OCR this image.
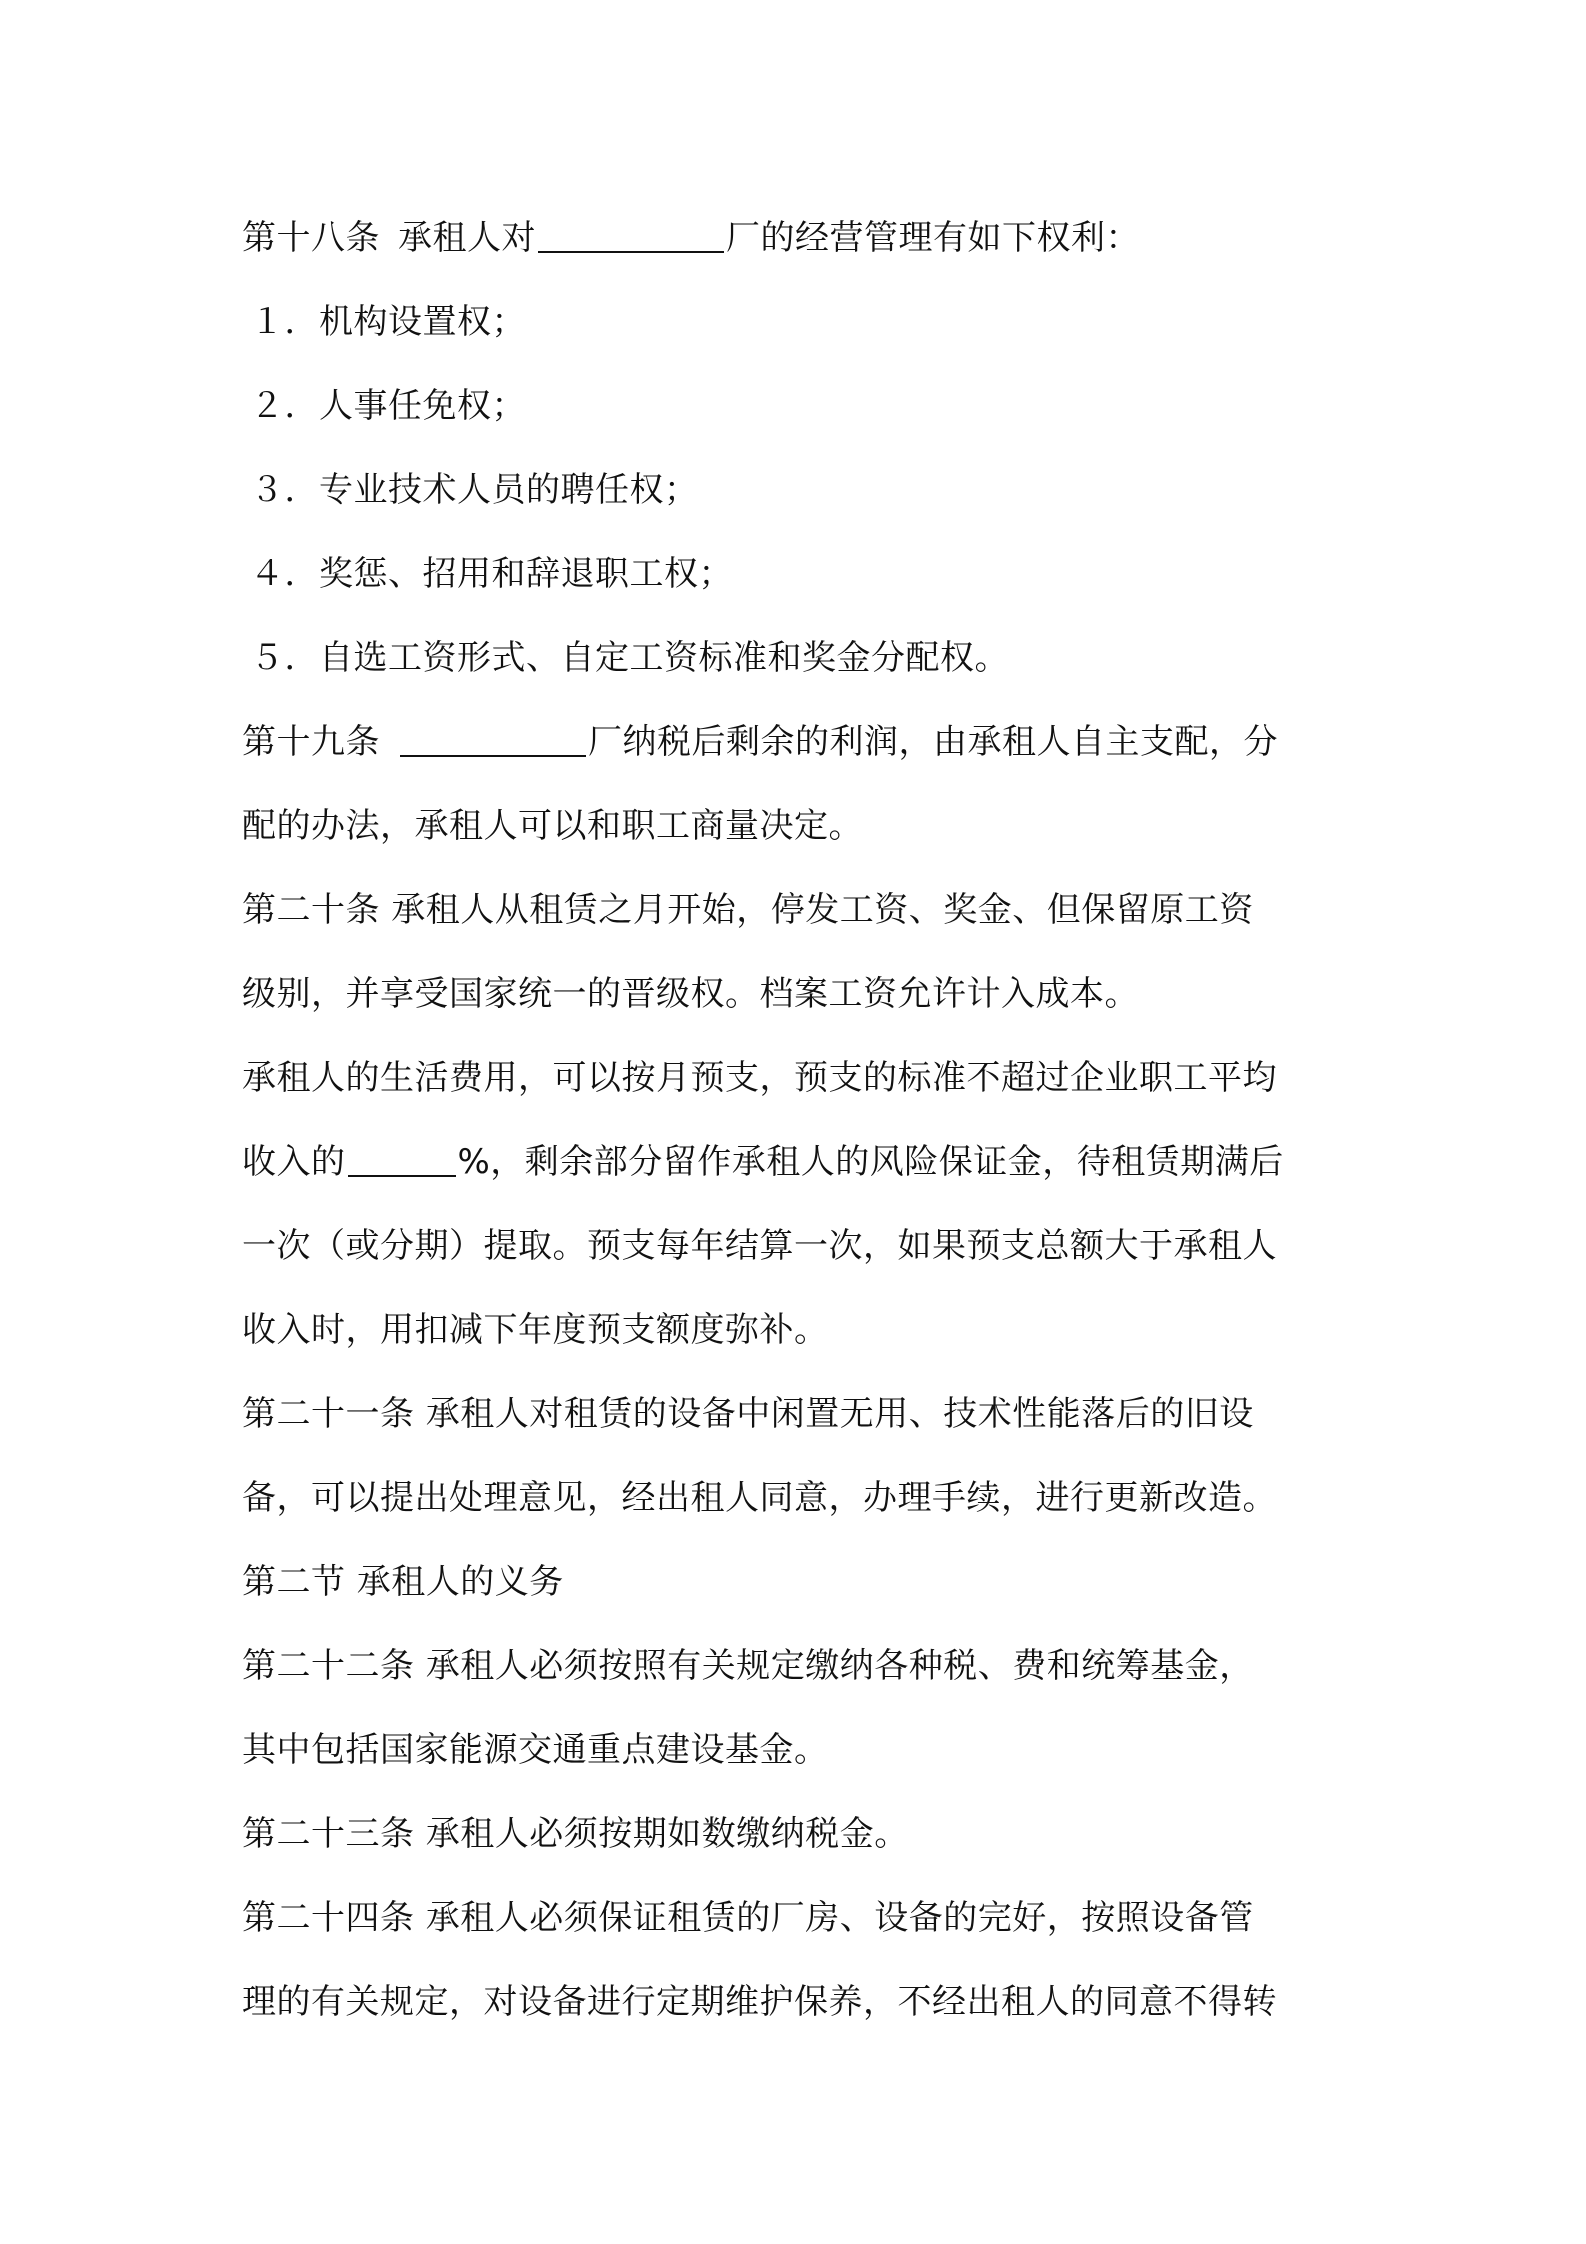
第十八条 承租人对	厂的经营管理有如下权利：
１．机构设置权；
２．人事任免权；
３．专业技术人员的聘任权；
４．奖惩、招用和辞退职工权；
５．自选工资形式、自定工资标准和奖金分配权。
第十九条	厂纳税后剩余的利润，由承租人自主支配，分
配的办法，承租人可以和职工商量决定。
第二十条 承租人从租赁之月开始，停发工资、奖金、但保留原工资
级别，并享受国家统一的晋级权。档案工资允许计入成本。
承租人的生活费用，可以按月预支，预支的标准不超过企业职工平均
收入的	%，剩余部分留作承租人的风险保证金，待租赁期满后
一次（或分期）提取。预支每年结算一次，如果预支总额大于承租人
收入时，用扣减下年度预支额度弥补。
第二十一条 承租人对租赁的设备中闲置无用、技术性能落后的旧设
备，可以提出处理意见，经出租人同意，办理手续，进行更新改造。
第二节 承租人的义务
第二十二条 承租人必须按照有关规定缴纳各种税、费和统筹基金，
其中包括国家能源交通重点建设基金。
第二十三条 承租人必须按期如数缴纳税金。
第二十四条 承租人必须保证租赁的厂房、设备的完好，按照设备管
理的有关规定，对设备进行定期维护保养，不经出租人的同意不得转
